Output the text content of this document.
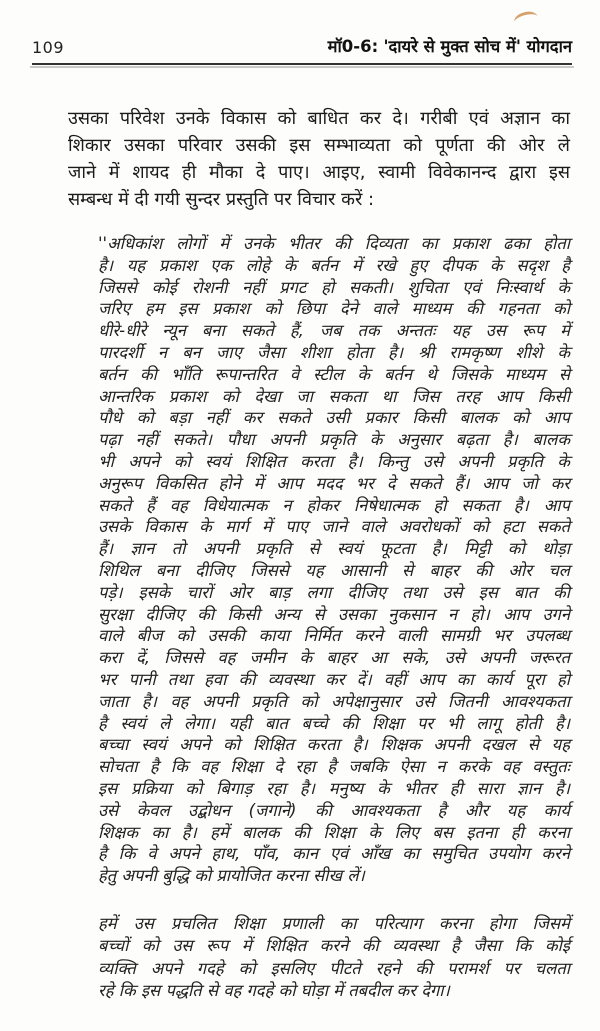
109	मॉ0-6: 'दायरे से मुक्त सोच में' योगदान
उसका परिवेश उनके विकास को बाधित कर दे। गरीबी एवं अज्ञान का
शिकार उसका परिवार उसकी इस सम्भाव्यता को पूर्णता की ओर ले
जाने में शायद ही मौका दे पाए। आइए, स्वामी विवेकानन्द द्वारा इस
सम्बन्ध में दी गयी सुन्दर प्रस्तुति पर विचार करें :
''अधिकांश लोगों में उनके भीतर की दिव्यता का प्रकाश ढका होता
है। यह प्रकाश एक लोहे के बर्तन में रखे हुए दीपक के सदृश है
जिससे कोई रोशनी नहीं प्रगट हो सकती। शुचिता एवं निःस्वार्थ के
जरिए हम इस प्रकाश को छिपा देने वाले माध्यम की गहनता को
धीरे-धीरे न्यून बना सकते हैं, जब तक अन्ततः यह उस रूप में
पारदर्शी न बन जाए जैसा शीशा होता है। श्री रामकृष्ण शीशे के
बर्तन की भाँति रूपान्तरित वे स्टील के बर्तन थे जिसके माध्यम से
आन्तरिक प्रकाश को देखा जा सकता था जिस तरह आप किसी
पौधे को बड़ा नहीं कर सकते उसी प्रकार किसी बालक को आप
पढ़ा नहीं सकते। पौधा अपनी प्रकृति के अनुसार बढ़ता है। बालक
भी अपने को स्वयं शिक्षित करता है। किन्तु उसे अपनी प्रकृति के
अनुरूप विकसित होने में आप मदद भर दे सकते हैं। आप जो कर
सकते हैं वह विधेयात्मक न होकर निषेधात्मक हो सकता है। आप
उसके विकास के मार्ग में पाए जाने वाले अवरोधकों को हटा सकते
हैं। ज्ञान तो अपनी प्रकृति से स्वयं फूटता है। मिट्टी को थोड़ा
शिथिल बना दीजिए जिससे यह आसानी से बाहर की ओर चल
पड़े। इसके चारों ओर बाड़ लगा दीजिए तथा उसे इस बात की
सुरक्षा दीजिए की किसी अन्य से उसका नुकसान न हो। आप उगने
वाले बीज को उसकी काया निर्मित करने वाली सामग्री भर उपलब्ध
करा दें, जिससे वह जमीन के बाहर आ सके, उसे अपनी जरूरत
भर पानी तथा हवा की व्यवस्था कर दें। वहीं आप का कार्य पूरा हो
जाता है। वह अपनी प्रकृति को अपेक्षानुसार उसे जितनी आवश्यकता
है स्वयं ले लेगा। यही बात बच्चे की शिक्षा पर भी लागू होती है।
बच्चा स्वयं अपने को शिक्षित करता है। शिक्षक अपनी दखल से यह
सोचता है कि वह शिक्षा दे रहा है जबकि ऐसा न करके वह वस्तुतः
इस प्रक्रिया को बिगाड़ रहा है। मनुष्य के भीतर ही सारा ज्ञान है।
उसे केवल उद्बोधन (जगाने) की आवश्यकता है और यह कार्य
शिक्षक का है। हमें बालक की शिक्षा के लिए बस इतना ही करना
है कि वे अपने हाथ, पाँव, कान एवं आँख का समुचित उपयोग करने
हेतु अपनी बुद्धि को प्रायोजित करना सीख लें।
हमें उस प्रचलित शिक्षा प्रणाली का परित्याग करना होगा जिसमें
बच्चों को उस रूप में शिक्षित करने की व्यवस्था है जैसा कि कोई
व्यक्ति अपने गदहे को इसलिए पीटते रहने की परामर्श पर चलता
रहे कि इस पद्धति से वह गदहे को घोड़ा में तबदील कर देगा।
